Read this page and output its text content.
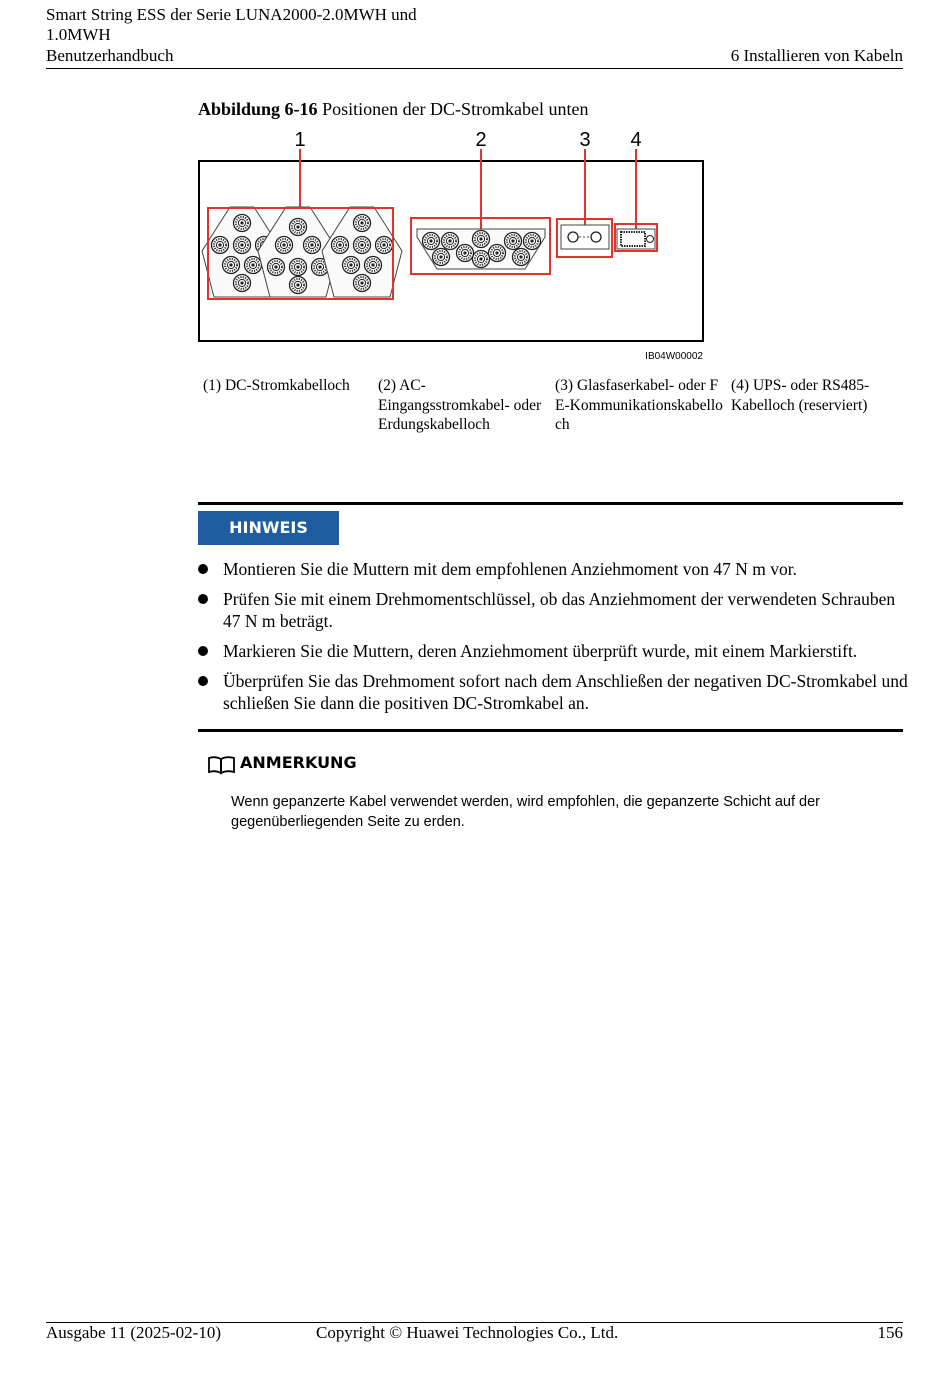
Smart String ESS der Serie LUNA2000-2.0MWH und
1.0MWH
Benutzerhandbuch	6 Installieren von Kabeln
Abbildung 6-16 Positionen der DC-Stromkabel unten
1	2	3 4
IB04W00002
(1) DC-Stromkabelloch	(2) AC-Eingangsstromkabel- oder Erdungskabelloch
(3) Glasfaserkabel- oder FE-Kommunikationskabelloch
(4) UPS- oder RS485-Kabelloch (reserviert)
HINWEIS
Montieren Sie die Muttern mit dem empfohlenen Anziehmoment von 47 N m vor.
Prüfen Sie mit einem Drehmomentschlüssel, ob das Anziehmoment der verwendeten Schrauben 47 N m beträgt.
Markieren Sie die Muttern, deren Anziehmoment überprüft wurde, mit einem Markierstift.
Überprüfen Sie das Drehmoment sofort nach dem Anschließen der negativen DC-Stromkabel und schließen Sie dann die positiven DC-Stromkabel an.
ANMERKUNG
Wenn gepanzerte Kabel verwendet werden, wird empfohlen, die gepanzerte Schicht auf der gegenüberliegenden Seite zu erden.
Ausgabe 11 (2025-02-10)	Copyright © Huawei Technologies Co., Ltd.	156
